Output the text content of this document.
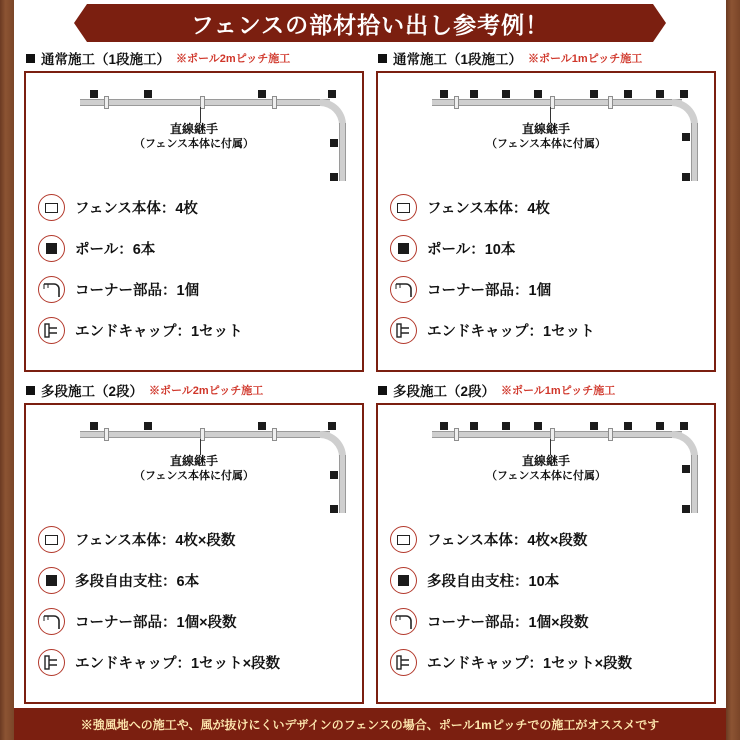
フェンスの部材拾い出し参考例！
通常施工（1段施工） ※ポール2mピッチ施工
直線継手
（フェンス本体に付属）
フェンス本体：4枚
ポール：6本
コーナー部品：1個
エンドキャップ：1セット
通常施工（1段施工） ※ポール1mピッチ施工
直線継手
（フェンス本体に付属）
フェンス本体：4枚
ポール：10本
コーナー部品：1個
エンドキャップ：1セット
多段施工（2段） ※ポール2mピッチ施工
直線継手
（フェンス本体に付属）
フェンス本体：4枚×段数
多段自由支柱：6本
コーナー部品：1個×段数
エンドキャップ：1セット×段数
多段施工（2段） ※ポール1mピッチ施工
直線継手
（フェンス本体に付属）
フェンス本体：4枚×段数
多段自由支柱：10本
コーナー部品：1個×段数
エンドキャップ：1セット×段数
※強風地への施工や、風が抜けにくいデザインのフェンスの場合、ポール1mピッチでの施工がオススメです
